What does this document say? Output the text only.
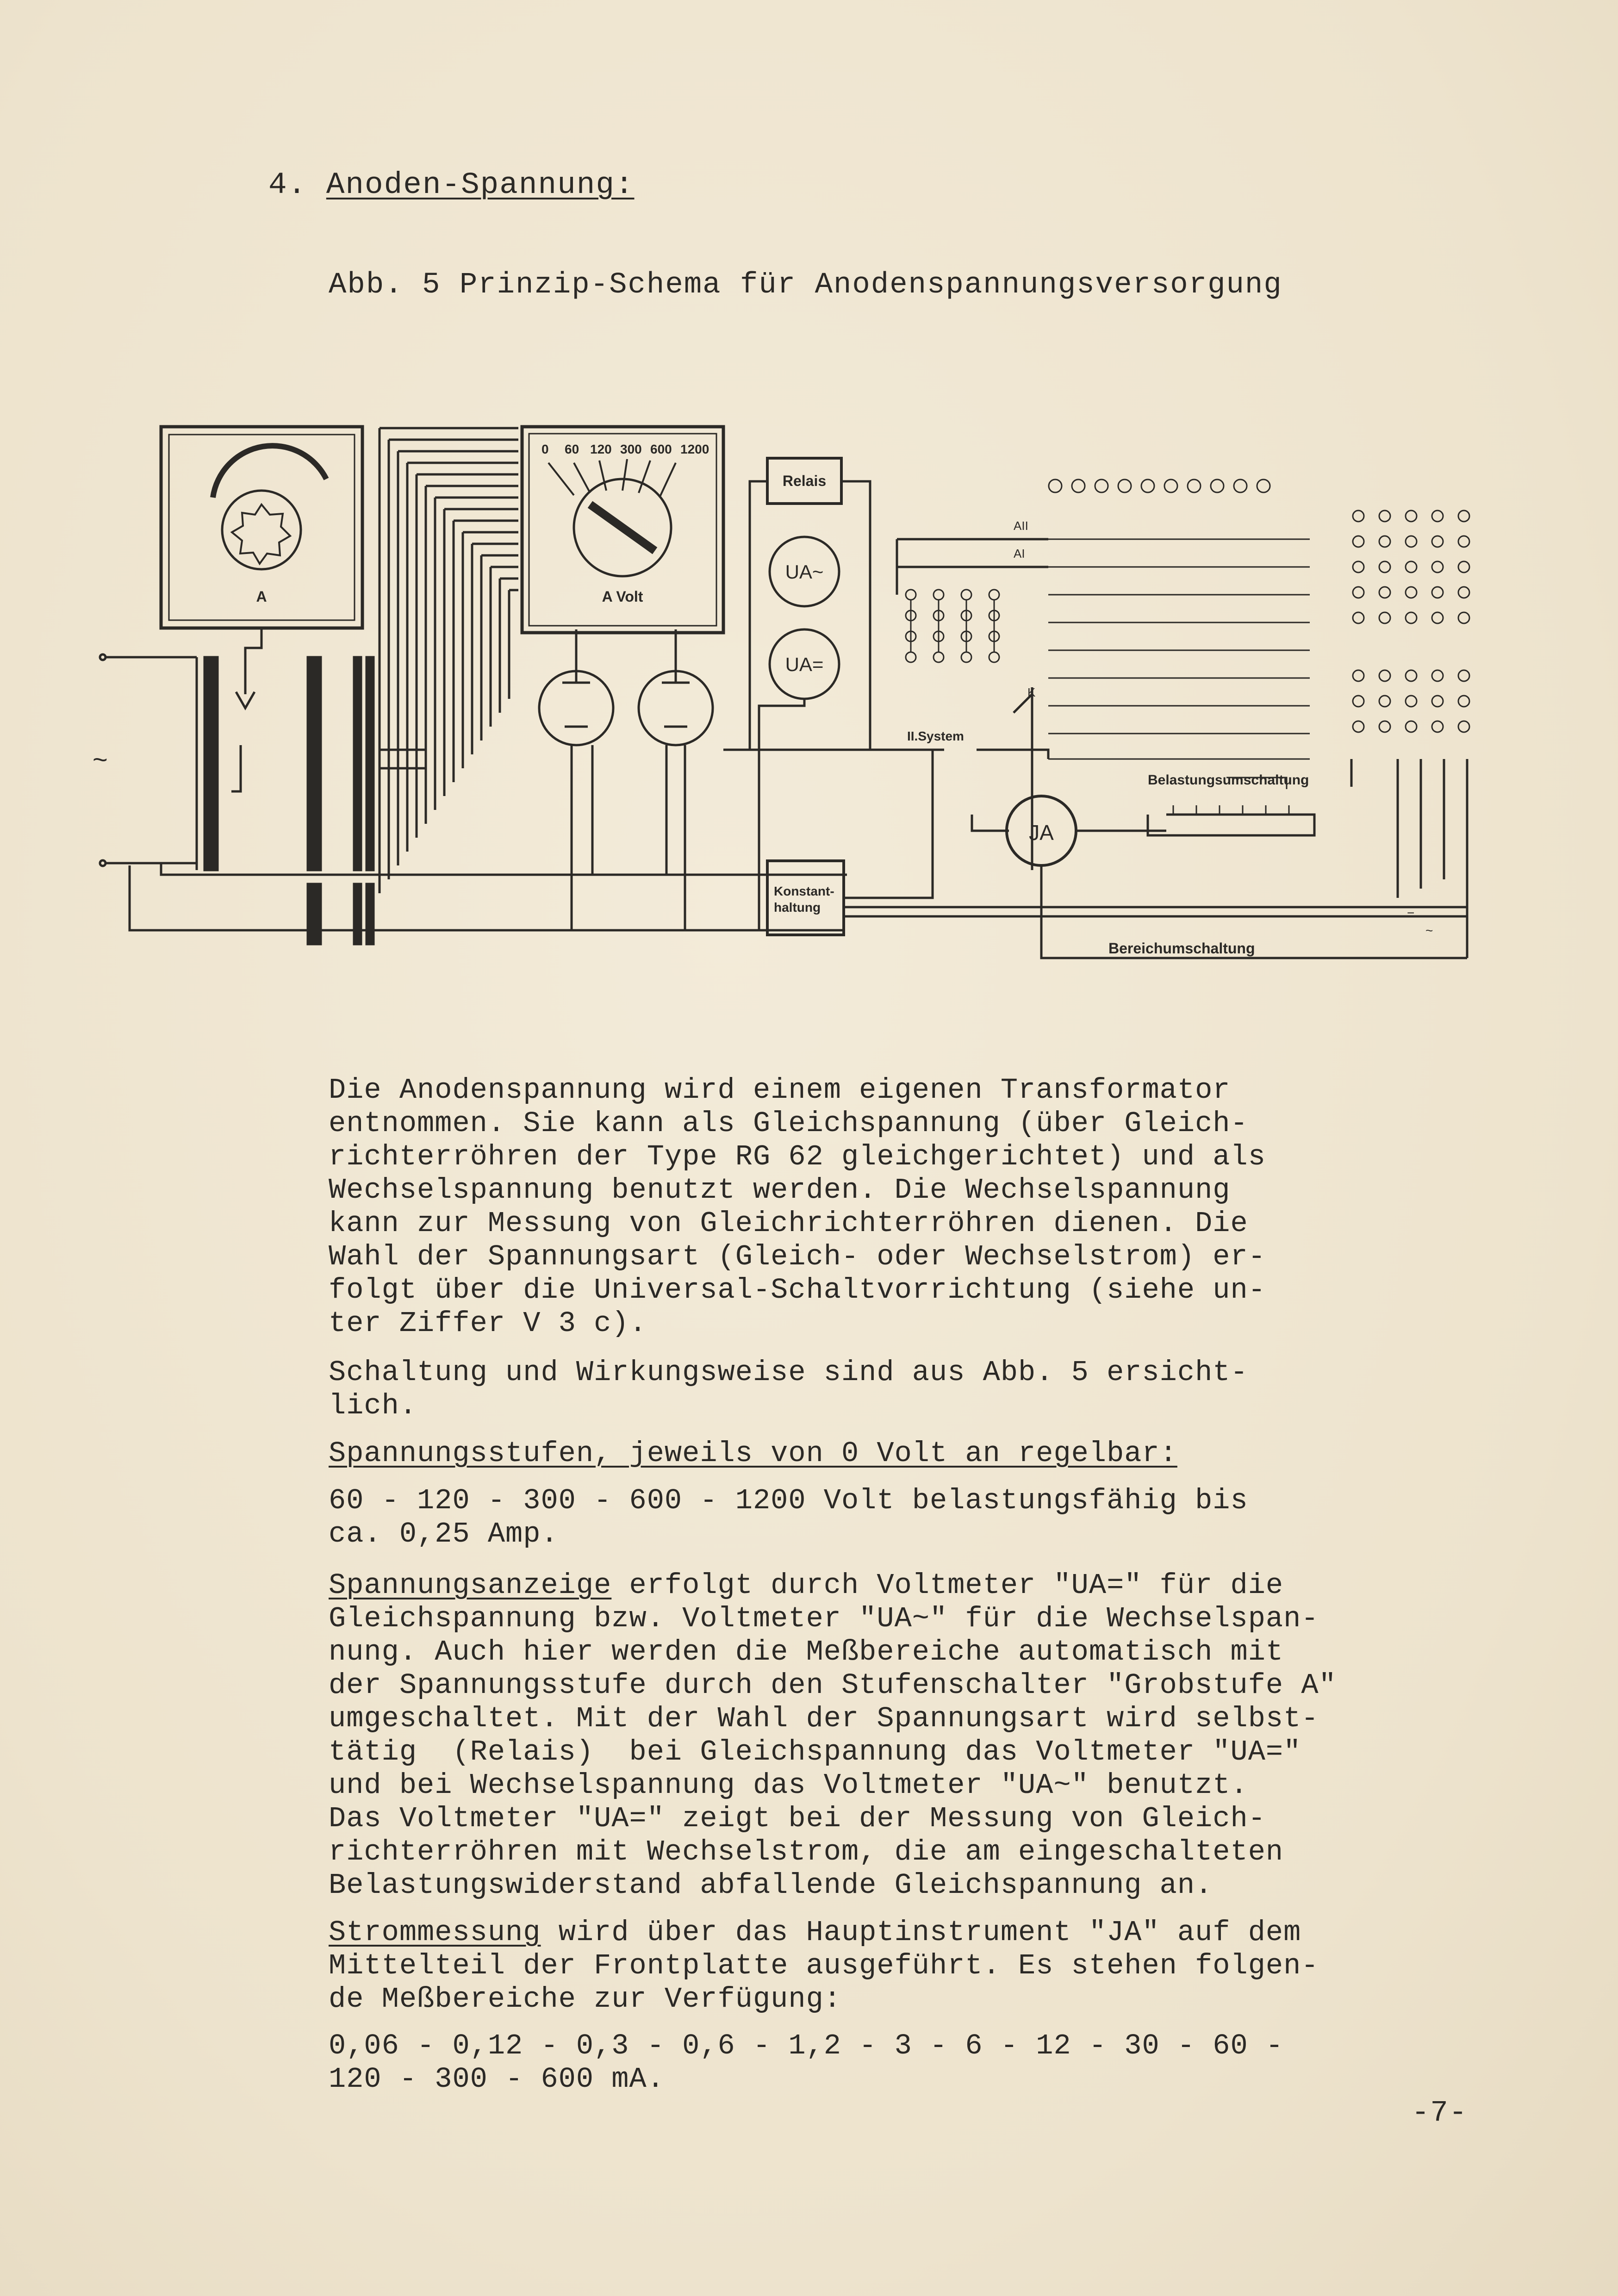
4. Anoden-Spannung:
Abb. 5 Prinzip-Schema für Anodenspannungsversorgung
A	A Volt
0 60 120 300 600 1200
Relais
UA~
UA=
Konstant-
haltung
~
AII
AI
K
II.System
JA
Belastungsumschaltung
Bereichumschaltung
=
~
Die Anodenspannung wird einem eigenen Transformator
entnommen. Sie kann als Gleichspannung (über Gleich-
richterröhren der Type RG 62 gleichgerichtet) und als
Wechselspannung benutzt werden. Die Wechselspannung
kann zur Messung von Gleichrichterröhren dienen. Die
Wahl der Spannungsart (Gleich- oder Wechselstrom) er-
folgt über die Universal-Schaltvorrichtung (siehe un-
ter Ziffer V 3 c).
Schaltung und Wirkungsweise sind aus Abb. 5 ersicht-
lich.
Spannungsstufen, jeweils von 0 Volt an regelbar:
60 - 120 - 300 - 600 - 1200 Volt belastungsfähig bis
ca. 0,25 Amp.
Spannungsanzeige erfolgt durch Voltmeter "UA=" für die
Gleichspannung bzw. Voltmeter "UA~" für die Wechselspan-
nung. Auch hier werden die Meßbereiche automatisch mit
der Spannungsstufe durch den Stufenschalter "Grobstufe A"
umgeschaltet. Mit der Wahl der Spannungsart wird selbst-
tätig  (Relais)  bei Gleichspannung das Voltmeter "UA="
und bei Wechselspannung das Voltmeter "UA~" benutzt.
Das Voltmeter "UA=" zeigt bei der Messung von Gleich-
richterröhren mit Wechselstrom, die am eingeschalteten
Belastungswiderstand abfallende Gleichspannung an.
Strommessung wird über das Hauptinstrument "JA" auf dem
Mittelteil der Frontplatte ausgeführt. Es stehen folgen-
de Meßbereiche zur Verfügung:
0,06 - 0,12 - 0,3 - 0,6 - 1,2 - 3 - 6 - 12 - 30 - 60 -
120 - 300 - 600 mA.
-7-
